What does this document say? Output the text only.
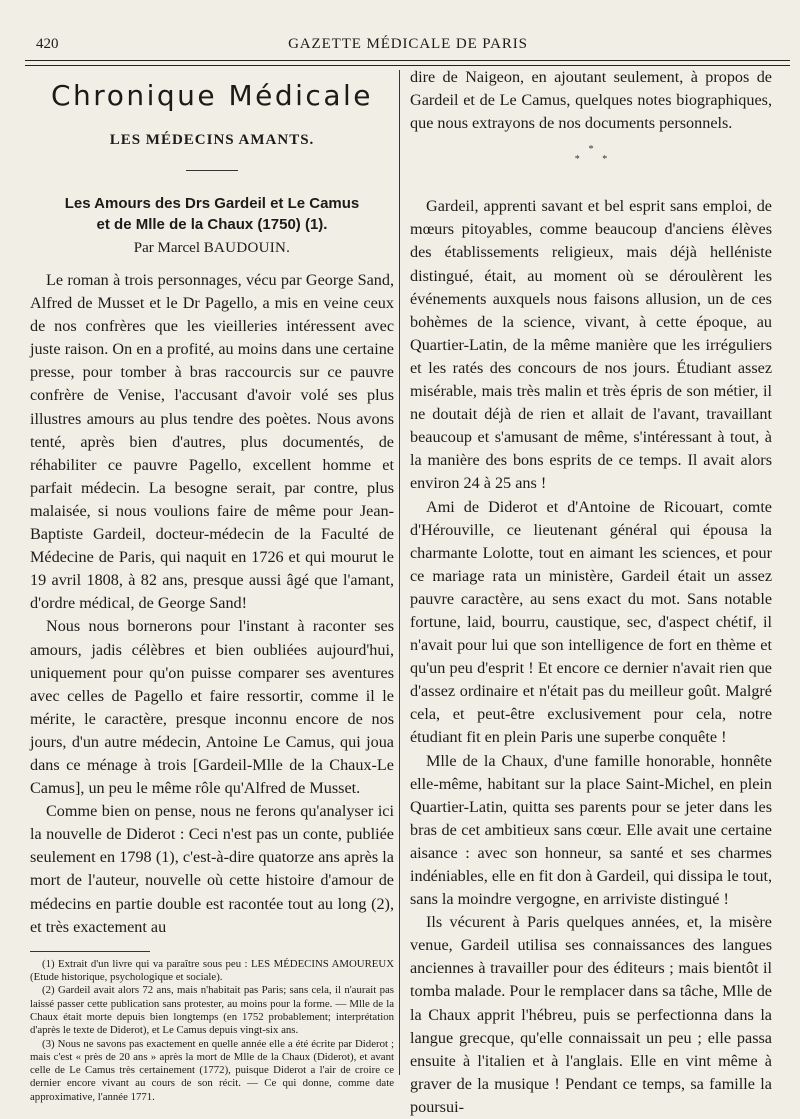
420	GAZETTE MÉDICALE DE PARIS
Chronique Médicale
LES MÉDECINS AMANTS.
Les Amours des Drs Gardeil et Le Camus
et de Mlle de la Chaux (1750) (1).
Par Marcel BAUDOUIN.

Le roman à trois personnages, vécu par George Sand, Alfred de Musset et le Dr Pagello, a mis en veine ceux de nos confrères que les vieilleries intéressent avec juste raison. On en a profité, au moins dans une certaine presse, pour tomber à bras raccourcis sur ce pauvre confrère de Venise, l'accusant d'avoir volé ses plus illustres amours au plus tendre des poètes. Nous avons tenté, après bien d'autres, plus documentés, de réhabiliter ce pauvre Pagello, excellent homme et parfait médecin. La besogne serait, par contre, plus malaisée, si nous voulions faire de même pour Jean-Baptiste Gardeil, docteur-médecin de la Faculté de Médecine de Paris, qui naquit en 1726 et qui mourut le 19 avril 1808, à 82 ans, presque aussi âgé que l'amant, d'ordre médical, de George Sand!

Nous nous bornerons pour l'instant à raconter ses amours, jadis célèbres et bien oubliées aujourd'hui, uniquement pour qu'on puisse comparer ses aventures avec celles de Pagello et faire ressortir, comme il le mérite, le caractère, presque inconnu encore de nos jours, d'un autre médecin, Antoine Le Camus, qui joua dans ce ménage à trois [Gardeil-Mlle de la Chaux-Le Camus], un peu le même rôle qu'Alfred de Musset.

Comme bien on pense, nous ne ferons qu'analyser ici la nouvelle de Diderot : Ceci n'est pas un conte, publiée seulement en 1798 (1), c'est-à-dire quatorze ans après la mort de l'auteur, nouvelle où cette histoire d'amour de médecins en partie double est racontée tout au long (2), et très exactement au

(1) Extrait d'un livre qui va paraître sous peu : LES MÉDECINS AMOUREUX (Etude historique, psychologique et sociale).

(2) Gardeil avait alors 72 ans, mais n'habitait pas Paris; sans cela, il n'aurait pas laissé passer cette publication sans protester, au moins pour la forme. — Mlle de la Chaux était morte depuis bien longtemps (en 1752 probablement; interprétation d'après le texte de Diderot), et Le Camus depuis vingt-six ans.

(3) Nous ne savons pas exactement en quelle année elle a été écrite par Diderot ; mais c'est « près de 20 ans » après la mort de Mlle de la Chaux (Diderot), et avant celle de Le Camus très certainement (1772), puisque Diderot a l'air de croire ce dernier encore vivant au cours de son récit. — Ce qui donne, comme date approximative, l'année 1771.

dire de Naigeon, en ajoutant seulement, à propos de Gardeil et de Le Camus, quelques notes biographiques, que nous extrayons de nos documents personnels.

*
* *

Gardeil, apprenti savant et bel esprit sans emploi, de mœurs pitoyables, comme beaucoup d'anciens élèves des établissements religieux, mais déjà helléniste distingué, était, au moment où se déroulèrent les événements auxquels nous faisons allusion, un de ces bohèmes de la science, vivant, à cette époque, au Quartier-Latin, de la même manière que les irréguliers et les ratés des concours de nos jours. Étudiant assez misérable, mais très malin et très épris de son métier, il ne doutait déjà de rien et allait de l'avant, travaillant beaucoup et s'amusant de même, s'intéressant à tout, à la manière des bons esprits de ce temps. Il avait alors environ 24 à 25 ans !

Ami de Diderot et d'Antoine de Ricouart, comte d'Hérouville, ce lieutenant général qui épousa la charmante Lolotte, tout en aimant les sciences, et pour ce mariage rata un ministère, Gardeil était un assez pauvre caractère, au sens exact du mot. Sans notable fortune, laid, bourru, caustique, sec, d'aspect chétif, il n'avait pour lui que son intelligence de fort en thème et qu'un peu d'esprit ! Et encore ce dernier n'avait rien que d'assez ordinaire et n'était pas du meilleur goût. Malgré cela, et peut-être exclusivement pour cela, notre étudiant fit en plein Paris une superbe conquête !

Mlle de la Chaux, d'une famille honorable, honnête elle-même, habitant sur la place Saint-Michel, en plein Quartier-Latin, quitta ses parents pour se jeter dans les bras de cet ambitieux sans cœur. Elle avait une certaine aisance : avec son honneur, sa santé et ses charmes indéniables, elle en fit don à Gardeil, qui dissipa le tout, sans la moindre vergogne, en arriviste distingué !

Ils vécurent à Paris quelques années, et, la misère venue, Gardeil utilisa ses connaissances des langues anciennes à travailler pour des éditeurs ; mais bientôt il tomba malade. Pour le remplacer dans sa tâche, Mlle de la Chaux apprit l'hébreu, puis se perfectionna dans la langue grecque, qu'elle connaissait un peu ; elle passa ensuite à l'italien et à l'anglais. Elle en vint même à graver de la musique ! Pendant ce temps, sa famille la poursui-
